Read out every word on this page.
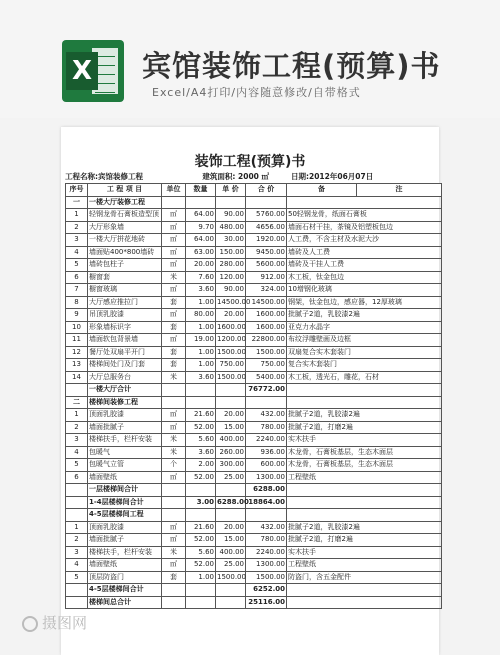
X 宾馆装饰工程(预算)书
Excel/A4打印/内容随意修改/自带格式
装饰工程(预算)书
工程名称:宾馆装修工程	建筑面积: 2000 ㎡	日期:2012年06月07日
序号	工 程 项 目	单位	数量	单 价	合 价	备	注
一	一楼大厅装修工程						
1	轻钢龙骨石膏板造型顶	㎡	64.00	90.00	5760.00	50轻钢龙骨，纸面石膏板	
2	大厅形象墙	㎡	9.70	480.00	4656.00	墙面石材干挂，茶镜及铝塑板包边	
3	一楼大厅拼花地砖	㎡	64.00	30.00	1920.00	人工费，不含主材及水泥大沙	
4	墙面贴400*800墙砖	㎡	63.00	150.00	9450.00	墙砖及人工费	
5	墙砖包柱子	㎡	20.00	280.00	5600.00	墙砖及干挂人工费	
6	橱窗套	米	7.60	120.00	912.00	木工板，钛金包边	
7	橱窗玻璃	㎡	3.60	90.00	324.00	10增钢化玻璃	
8	大厅感应推拉门	套	1.00	14500.00	14500.00	钢架，钛金包边，感应器，12厚玻璃	
9	吊顶乳胶漆	㎡	80.00	20.00	1600.00	批腻子2道，乳胶漆2遍	
10	形象墙标识字	套	1.00	1600.00	1600.00	亚克力水晶字	
11	墙面软包背景墙	㎡	19.00	1200.00	22800.00	布纹浮雕壁画及边框	
12	餐厅处双扇平开门	套	1.00	1500.00	1500.00	双扇复合实木套装门	
13	楼梯间处门及门套	套	1.00	750.00	750.00	复合实木套装门	
14	大厅总服务台	米	3.60	1500.00	5400.00	木工板，透光石，雕花，石材	
	一楼大厅合计				76772.00		
二	楼梯间装修工程						
1	顶面乳胶漆	㎡	21.60	20.00	432.00	批腻子2道，乳胶漆2遍	
2	墙面批腻子	㎡	52.00	15.00	780.00	批腻子2道，打磨2遍	
3	楼梯扶手，栏杆安装	米	5.60	400.00	2240.00	实木扶手	
4	包暖气	米	3.60	260.00	936.00	木龙骨，石膏板基层，生态木面层	
5	包暖气立管	个	2.00	300.00	600.00	木龙骨，石膏板基层，生态木面层	
6	墙面壁纸	㎡	52.00	25.00	1300.00	工程壁纸	
	一层楼梯间合计				6288.00		
	1-4层楼梯间合计		3.00	6288.00	18864.00		
	4-5层楼梯间工程						
1	顶面乳胶漆	㎡	21.60	20.00	432.00	批腻子2道，乳胶漆2遍	
2	墙面批腻子	㎡	52.00	15.00	780.00	批腻子2道，打磨2遍	
3	楼梯扶手，栏杆安装	米	5.60	400.00	2240.00	实木扶手	
4	墙面壁纸	㎡	52.00	25.00	1300.00	工程壁纸	
5	顶层防盗门	套	1.00	1500.00	1500.00	防盗门，含五金配件	
	4-5层楼梯间合计				6252.00		
	楼梯间总合计				25116.00		
摄图网
